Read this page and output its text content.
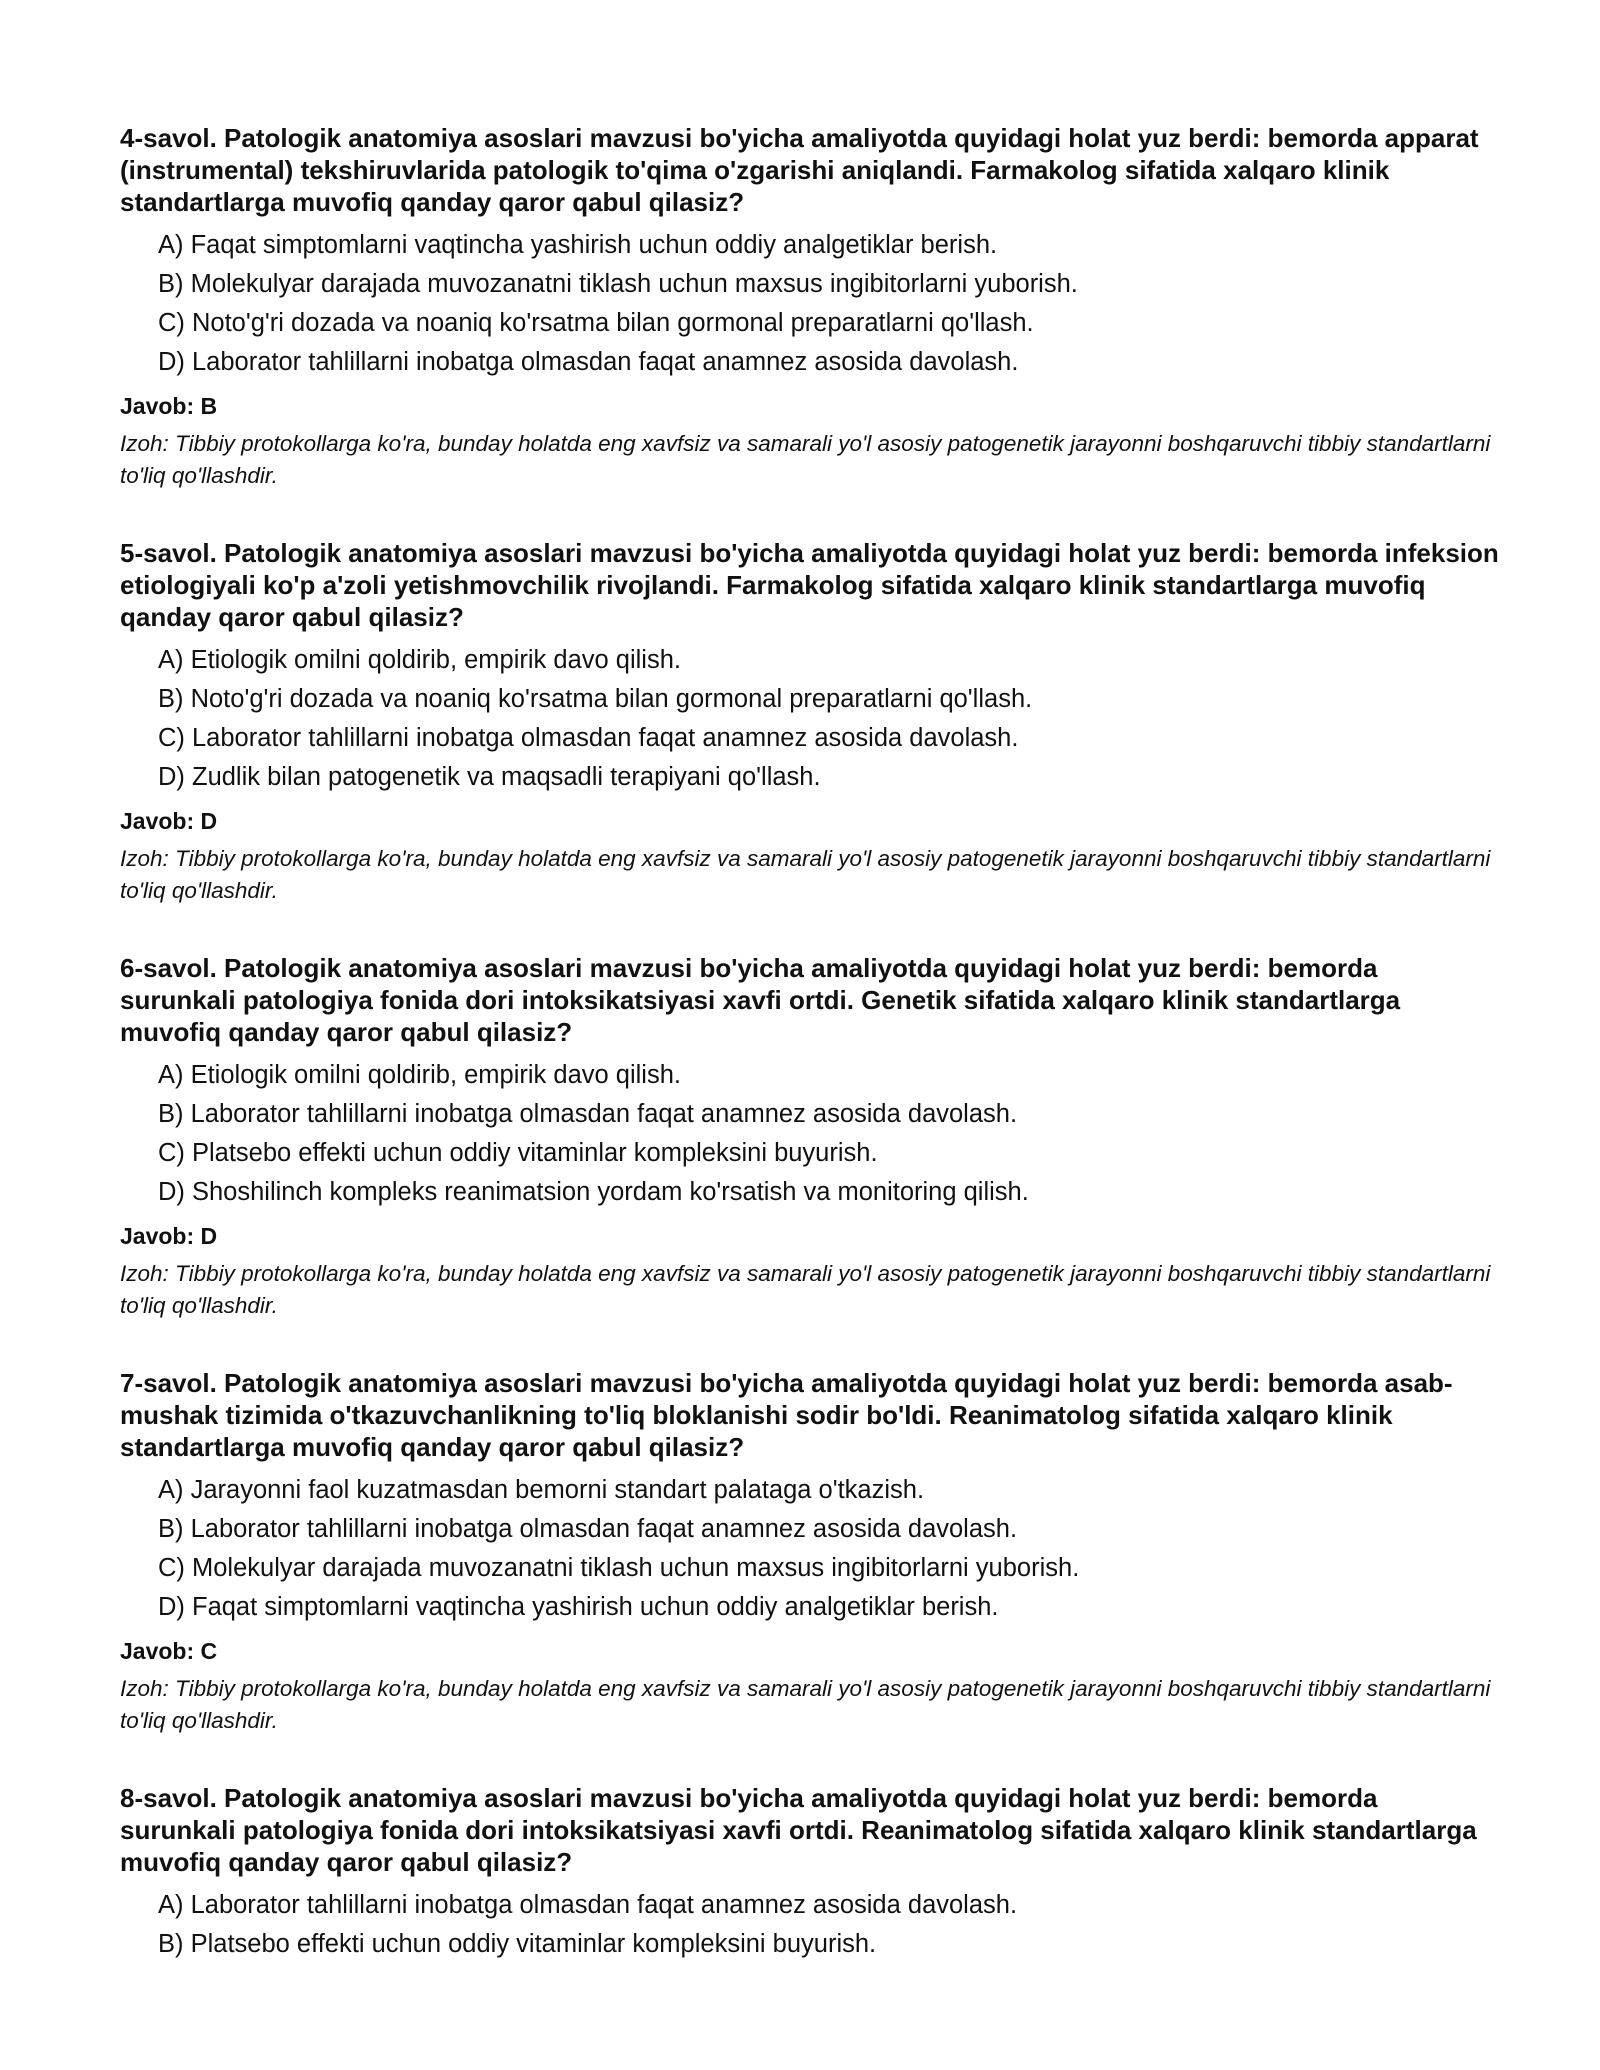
4-savol. Patologik anatomiya asoslari mavzusi bo'yicha amaliyotda quyidagi holat yuz berdi: bemorda apparat (instrumental) tekshiruvlarida patologik to'qima o'zgarishi aniqlandi. Farmakolog sifatida xalqaro klinik standartlarga muvofiq qanday qaror qabul qilasiz?
A) Faqat simptomlarni vaqtincha yashirish uchun oddiy analgetiklar berish.
B) Molekulyar darajada muvozanatni tiklash uchun maxsus ingibitorlarni yuborish.
C) Noto'g'ri dozada va noaniq ko'rsatma bilan gormonal preparatlarni qo'llash.
D) Laborator tahlillarni inobatga olmasdan faqat anamnez asosida davolash.
Javob: B
Izoh: Tibbiy protokollarga ko'ra, bunday holatda eng xavfsiz va samarali yo'l asosiy patogenetik jarayonni boshqaruvchi tibbiy standartlarni to'liq qo'llashdir.
5-savol. Patologik anatomiya asoslari mavzusi bo'yicha amaliyotda quyidagi holat yuz berdi: bemorda infeksion etiologiyali ko'p a'zoli yetishmovchilik rivojlandi. Farmakolog sifatida xalqaro klinik standartlarga muvofiq qanday qaror qabul qilasiz?
A) Etiologik omilni qoldirib, empirik davo qilish.
B) Noto'g'ri dozada va noaniq ko'rsatma bilan gormonal preparatlarni qo'llash.
C) Laborator tahlillarni inobatga olmasdan faqat anamnez asosida davolash.
D) Zudlik bilan patogenetik va maqsadli terapiyani qo'llash.
Javob: D
Izoh: Tibbiy protokollarga ko'ra, bunday holatda eng xavfsiz va samarali yo'l asosiy patogenetik jarayonni boshqaruvchi tibbiy standartlarni to'liq qo'llashdir.
6-savol. Patologik anatomiya asoslari mavzusi bo'yicha amaliyotda quyidagi holat yuz berdi: bemorda surunkali patologiya fonida dori intoksikatsiyasi xavfi ortdi. Genetik sifatida xalqaro klinik standartlarga muvofiq qanday qaror qabul qilasiz?
A) Etiologik omilni qoldirib, empirik davo qilish.
B) Laborator tahlillarni inobatga olmasdan faqat anamnez asosida davolash.
C) Platsebo effekti uchun oddiy vitaminlar kompleksini buyurish.
D) Shoshilinch kompleks reanimatsion yordam ko'rsatish va monitoring qilish.
Javob: D
Izoh: Tibbiy protokollarga ko'ra, bunday holatda eng xavfsiz va samarali yo'l asosiy patogenetik jarayonni boshqaruvchi tibbiy standartlarni to'liq qo'llashdir.
7-savol. Patologik anatomiya asoslari mavzusi bo'yicha amaliyotda quyidagi holat yuz berdi: bemorda asab-mushak tizimida o'tkazuvchanlikning to'liq bloklanishi sodir bo'ldi. Reanimatolog sifatida xalqaro klinik standartlarga muvofiq qanday qaror qabul qilasiz?
A) Jarayonni faol kuzatmasdan bemorni standart palataga o'tkazish.
B) Laborator tahlillarni inobatga olmasdan faqat anamnez asosida davolash.
C) Molekulyar darajada muvozanatni tiklash uchun maxsus ingibitorlarni yuborish.
D) Faqat simptomlarni vaqtincha yashirish uchun oddiy analgetiklar berish.
Javob: C
Izoh: Tibbiy protokollarga ko'ra, bunday holatda eng xavfsiz va samarali yo'l asosiy patogenetik jarayonni boshqaruvchi tibbiy standartlarni to'liq qo'llashdir.
8-savol. Patologik anatomiya asoslari mavzusi bo'yicha amaliyotda quyidagi holat yuz berdi: bemorda surunkali patologiya fonida dori intoksikatsiyasi xavfi ortdi. Reanimatolog sifatida xalqaro klinik standartlarga muvofiq qanday qaror qabul qilasiz?
A) Laborator tahlillarni inobatga olmasdan faqat anamnez asosida davolash.
B) Platsebo effekti uchun oddiy vitaminlar kompleksini buyurish.
